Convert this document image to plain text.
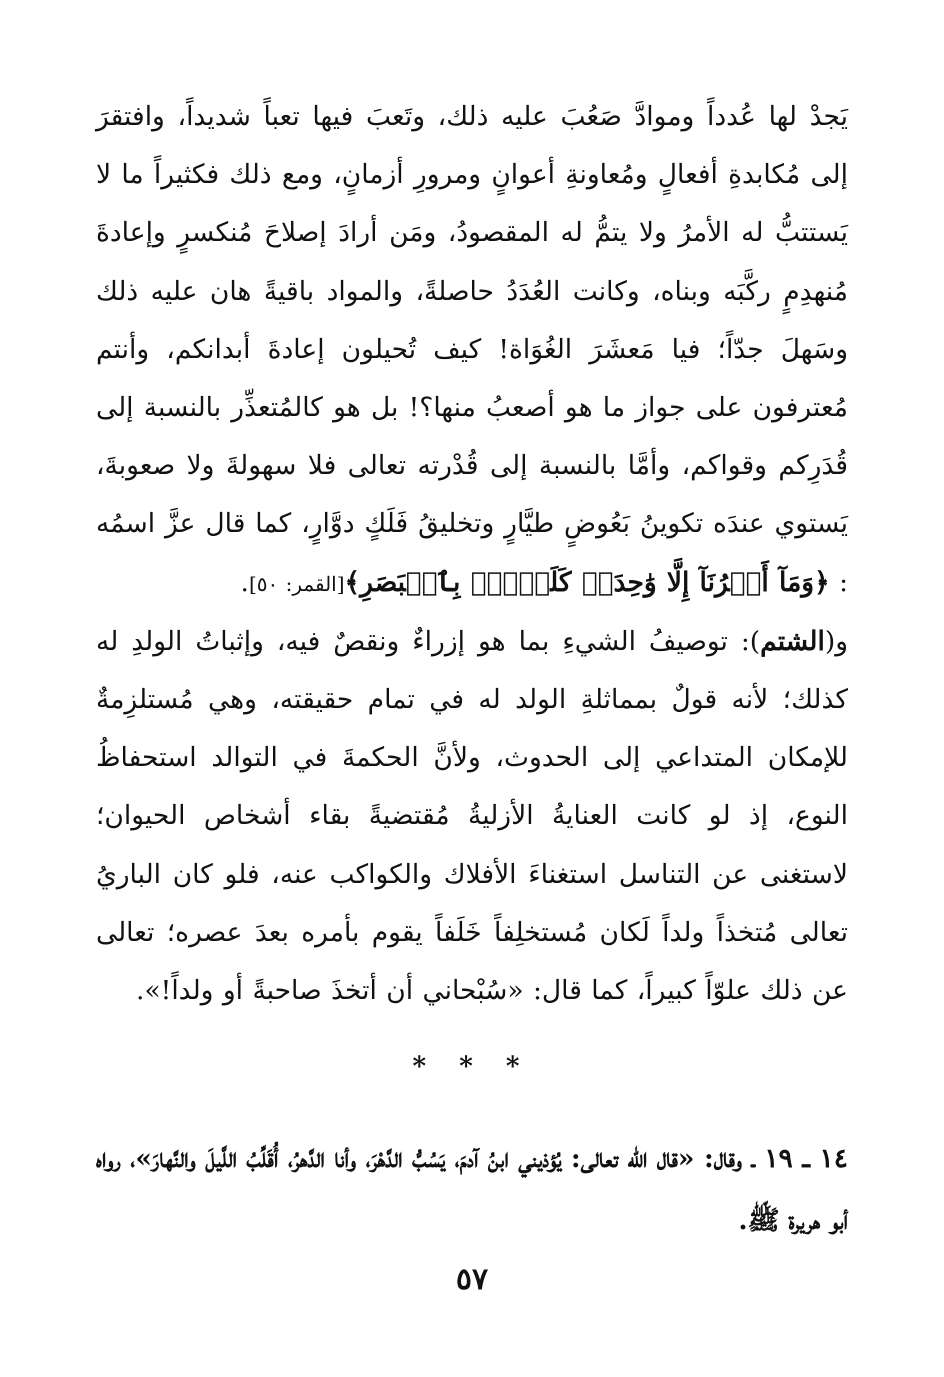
يَجدْ لها عُدداً وموادَّ صَعُبَ عليه ذلك، وتَعبَ فيها تعباً شديداً، وافتقرَ إلى مُكابدةِ أفعالٍ ومُعاونةِ أعوانٍ ومرورِ أزمانٍ، ومع ذلك فكثيراً ما لا يَستتبُّ له الأمرُ ولا يتمُّ له المقصودُ، ومَن أرادَ إصلاحَ مُنكسرٍ وإعادةَ مُنهدِمٍ ركَّبَه وبناه، وكانت العُدَدُ حاصلةً، والمواد باقيةً هان عليه ذلك وسَهلَ جدّاً؛ فيا مَعشَرَ الغُوَاة! كيف تُحيلون إعادةَ أبدانكم، وأنتم مُعترفون على جواز ما هو أصعبُ منها؟! بل هو كالمُتعذِّر بالنسبة إلى قُدَرِكم وقواكم، وأمَّا بالنسبة إلى قُدْرته تعالى فلا سهولةَ ولا صعوبةَ، يَستوي عندَه تكوينُ بَعُوضٍ طيَّارٍ وتخليقُ فَلَكٍ دوَّارٍ، كما قال عزَّ اسمُه : ﴿وَمَآ أَمۡرُنَآ إِلَّا وَٰحِدَةٞ كَلَمۡحِۭ بِٱلۡبَصَرِ﴾[القمر: ٥٠].

و(الشتم): توصيفُ الشيءِ بما هو إزراءٌ ونقصٌ فيه، وإثباتُ الولدِ له كذلك؛ لأنه قولٌ بمماثلةِ الولد له في تمام حقيقته، وهي مُستلزِمةٌ للإمكان المتداعي إلى الحدوث، ولأنَّ الحكمةَ في التوالد استحفاظُ النوع، إذ لو كانت العنايةُ الأزليةُ مُقتضيةً بقاء أشخاص الحيوان؛ لاستغنى عن التناسل استغناءَ الأفلاك والكواكب عنه، فلو كان الباريُ تعالى مُتخذاً ولداً لَكان مُستخلِفاً خَلَفاً يقوم بأمره بعدَ عصره؛ تعالى عن ذلك علوّاً كبيراً، كما قال: «سُبْحاني أن أتخذَ صاحبةً أو ولداً!».

* * *
١٤ ـ ١٩ ـ وقال: «قال الله تعالى: يُؤذيني ابنُ آدمَ، يَسُبُّ الدَّهْرَ، وأنا الدَّهرُ، أُقَلِّبُ اللَّيلَ والنَّهارَ»، رواه أبو هريرة ﷺ.
٥٧
